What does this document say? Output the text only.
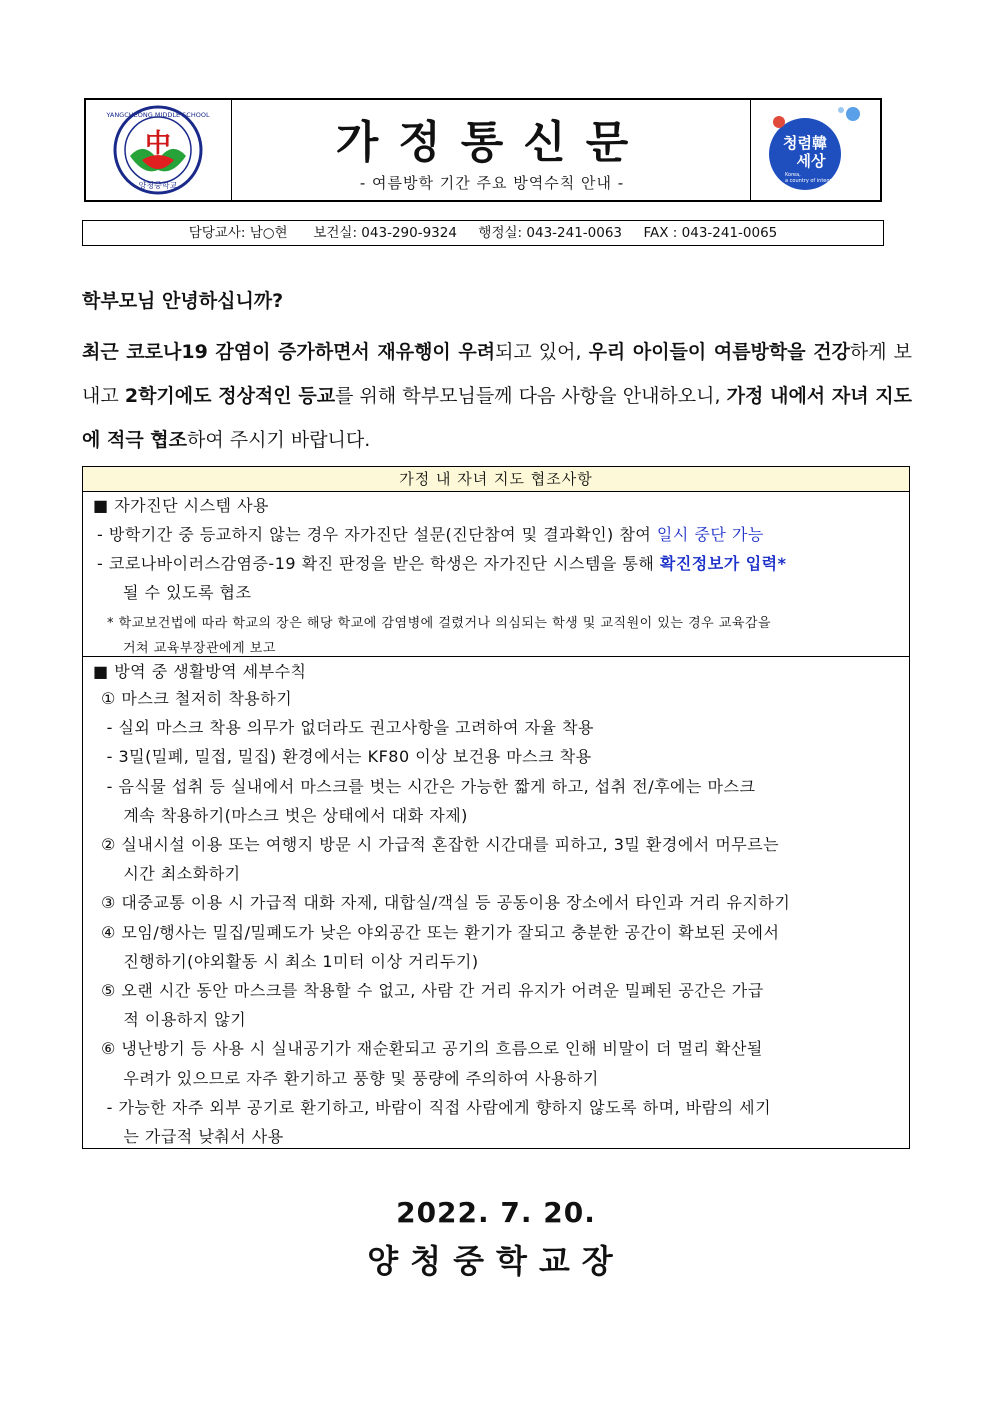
中
양청중학교
YANGCHEONG MIDDLE SCHOOL
가정통신문
- 여름방학 기간 주요 방역수칙 안내 -
청렴韓
세상
Korea,
a country of integrity
담당교사: 남○현 보건실: 043-290-9324 행정실: 043-241-0063 FAX : 043-241-0065
학부모님 안녕하십니까?
최근 코로나19 감염이 증가하면서 재유행이 우려되고 있어, 우리 아이들이 여름방학을 건강하게 보내고 2학기에도 정상적인 등교를 위해 학부모님들께 다음 사항을 안내하오니, 가정 내에서 자녀 지도에 적극 협조하여 주시기 바랍니다.
가정 내 자녀 지도 협조사항
■ 자가진단 시스템 사용
- 방학기간 중 등교하지 않는 경우 자가진단 설문(진단참여 및 결과확인) 참여 일시 중단 가능
- 코로나바이러스감염증-19 확진 판정을 받은 학생은 자가진단 시스템을 통해 확진정보가 입력*
될 수 있도록 협조
* 학교보건법에 따라 학교의 장은 해당 학교에 감염병에 걸렸거나 의심되는 학생 및 교직원이 있는 경우 교육감을
거쳐 교육부장관에게 보고
■ 방역 중 생활방역 세부수칙
① 마스크 철저히 착용하기
- 실외 마스크 착용 의무가 없더라도 권고사항을 고려하여 자율 착용
- 3밀(밀폐, 밀접, 밀집) 환경에서는 KF80 이상 보건용 마스크 착용
- 음식물 섭취 등 실내에서 마스크를 벗는 시간은 가능한 짧게 하고, 섭취 전/후에는 마스크
계속 착용하기(마스크 벗은 상태에서 대화 자제)
② 실내시설 이용 또는 여행지 방문 시 가급적 혼잡한 시간대를 피하고, 3밀 환경에서 머무르는
시간 최소화하기
③ 대중교통 이용 시 가급적 대화 자제, 대합실/객실 등 공동이용 장소에서 타인과 거리 유지하기
④ 모임/행사는 밀집/밀폐도가 낮은 야외공간 또는 환기가 잘되고 충분한 공간이 확보된 곳에서
진행하기(야외활동 시 최소 1미터 이상 거리두기)
⑤ 오랜 시간 동안 마스크를 착용할 수 없고, 사람 간 거리 유지가 어려운 밀폐된 공간은 가급
적 이용하지 않기
⑥ 냉난방기 등 사용 시 실내공기가 재순환되고 공기의 흐름으로 인해 비말이 더 멀리 확산될
우려가 있으므로 자주 환기하고 풍향 및 풍량에 주의하여 사용하기
- 가능한 자주 외부 공기로 환기하고, 바람이 직접 사람에게 향하지 않도록 하며, 바람의 세기
는 가급적 낮춰서 사용
2022. 7. 20.
양청중학교장
